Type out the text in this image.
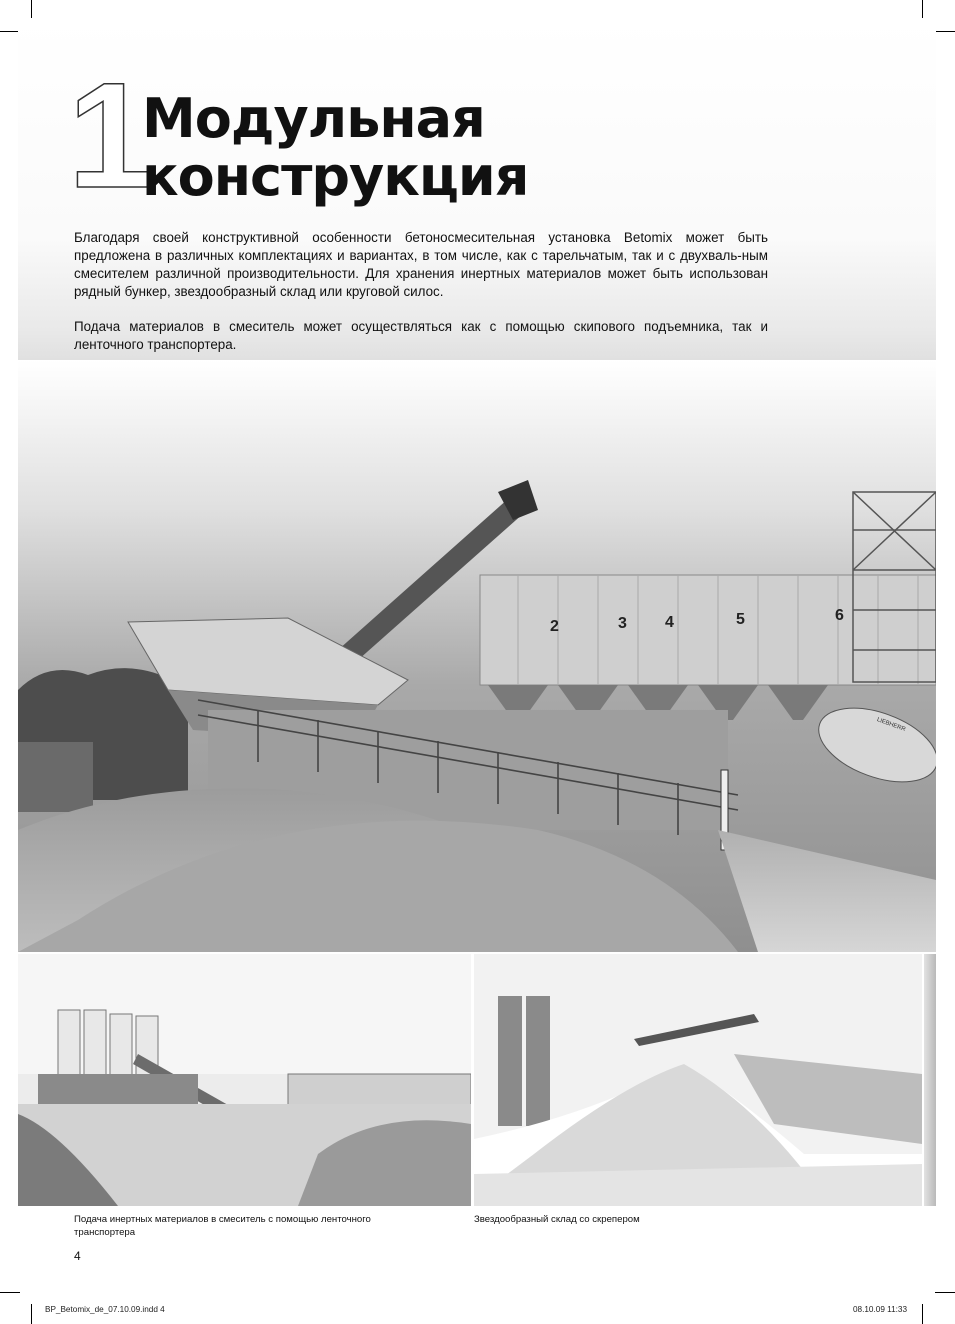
1
Модульная
конструкция
2	3 4	5	6
LIEBHERR
Благодаря своей конструктивной особенности бетоносмесительная установка Betomix может быть предложена в различных комплектациях и вариантах, в том числе, как с тарельчатым, так и с двухваль-ным смесителем различной производительности. Для хранения инертных материалов может быть использован рядный бункер, звездообразный склад или круговой силос.
Подача материалов в смеситель может осуществляться как с помощью скипового подъемника, так и ленточного транспортера.
Подача инертных материалов в смеситель с помощью ленточного транспортера
Звездообразный склад со скрепером
4
BP_Betomix_de_07.10.09.indd 4	08.10.09 11:33
